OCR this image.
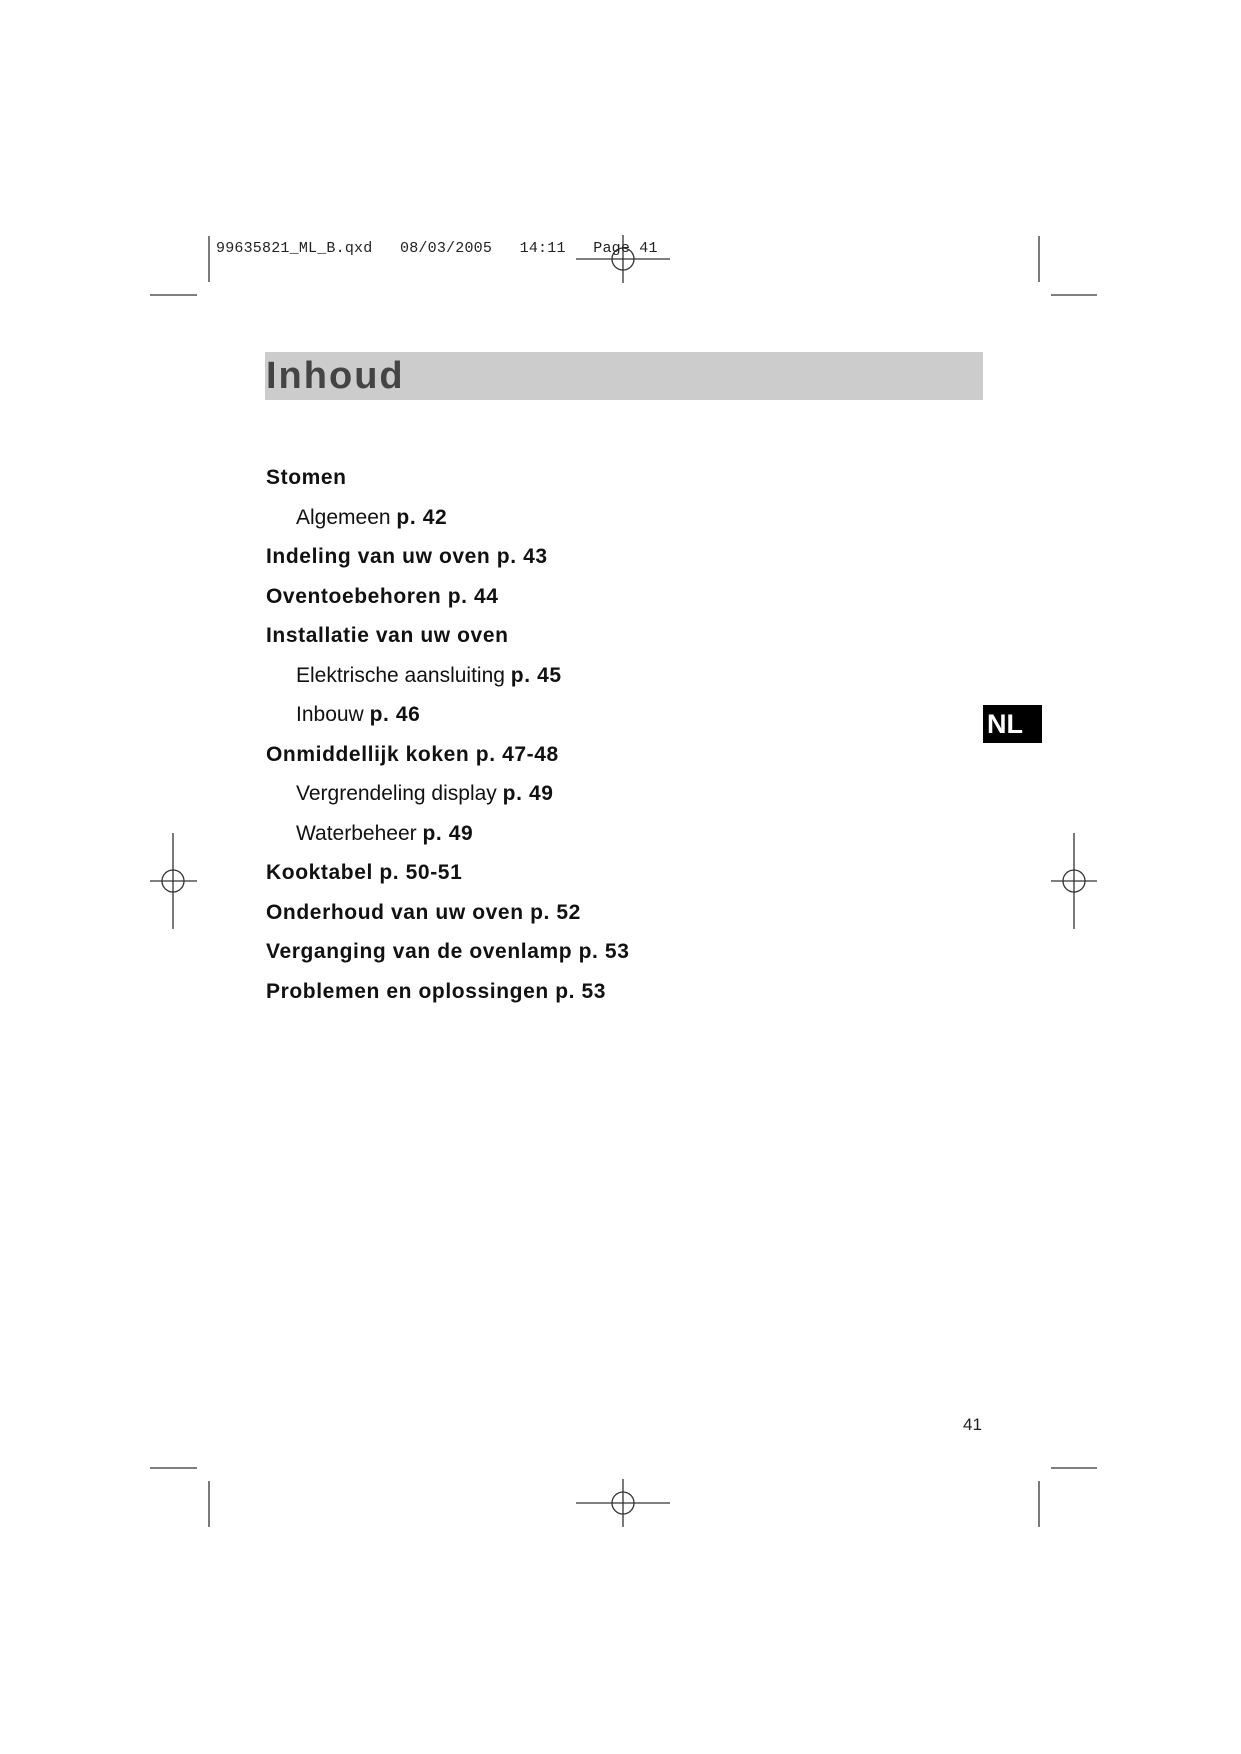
99635821_ML_B.qxd   08/03/2005   14:11   Page 41
Inhoud
Stomen
Algemeen p. 42
Indeling van uw oven p. 43
Oventoebehoren p. 44
Installatie van uw oven
Elektrische aansluiting p. 45
Inbouw p. 46
Onmiddellijk koken p. 47-48
Vergrendeling display p. 49
Waterbeheer p. 49
Kooktabel p. 50-51
Onderhoud van uw oven p. 52
Verganging van de ovenlamp p. 53
Problemen en oplossingen p. 53
NL
41
